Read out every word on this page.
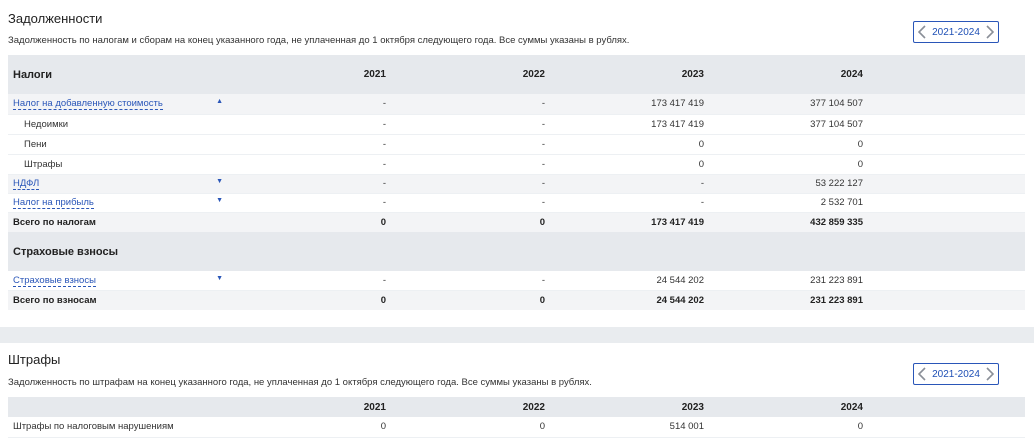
Задолженности
Задолженность по налогам и сборам на конец указанного года, не уплаченная до 1 октября следующего года. Все суммы указаны в рублях.
2021-2024
Налоги	2021	2022	2023	2024	
Налог на добавленную стоимость ▲	-	-	173 417 419	377 104 507	
Недоимки	-	-	173 417 419	377 104 507	
Пени	-	-	0	0	
Штрафы	-	-	0	0	
НДФЛ ▼	-	-	-	53 222 127	
Налог на прибыль ▼	-	-	-	2 532 701	
Всего по налогам	0	0	173 417 419	432 859 335	
Страховые взносы					
Страховые взносы ▼	-	-	24 544 202	231 223 891	
Всего по взносам	0	0	24 544 202	231 223 891	
Штрафы
Задолженность по штрафам на конец указанного года, не уплаченная до 1 октября следующего года. Все суммы указаны в рублях.
2021-2024
	2021	2022	2023	2024	
Штрафы по налоговым нарушениям	0	0	514 001	0	
